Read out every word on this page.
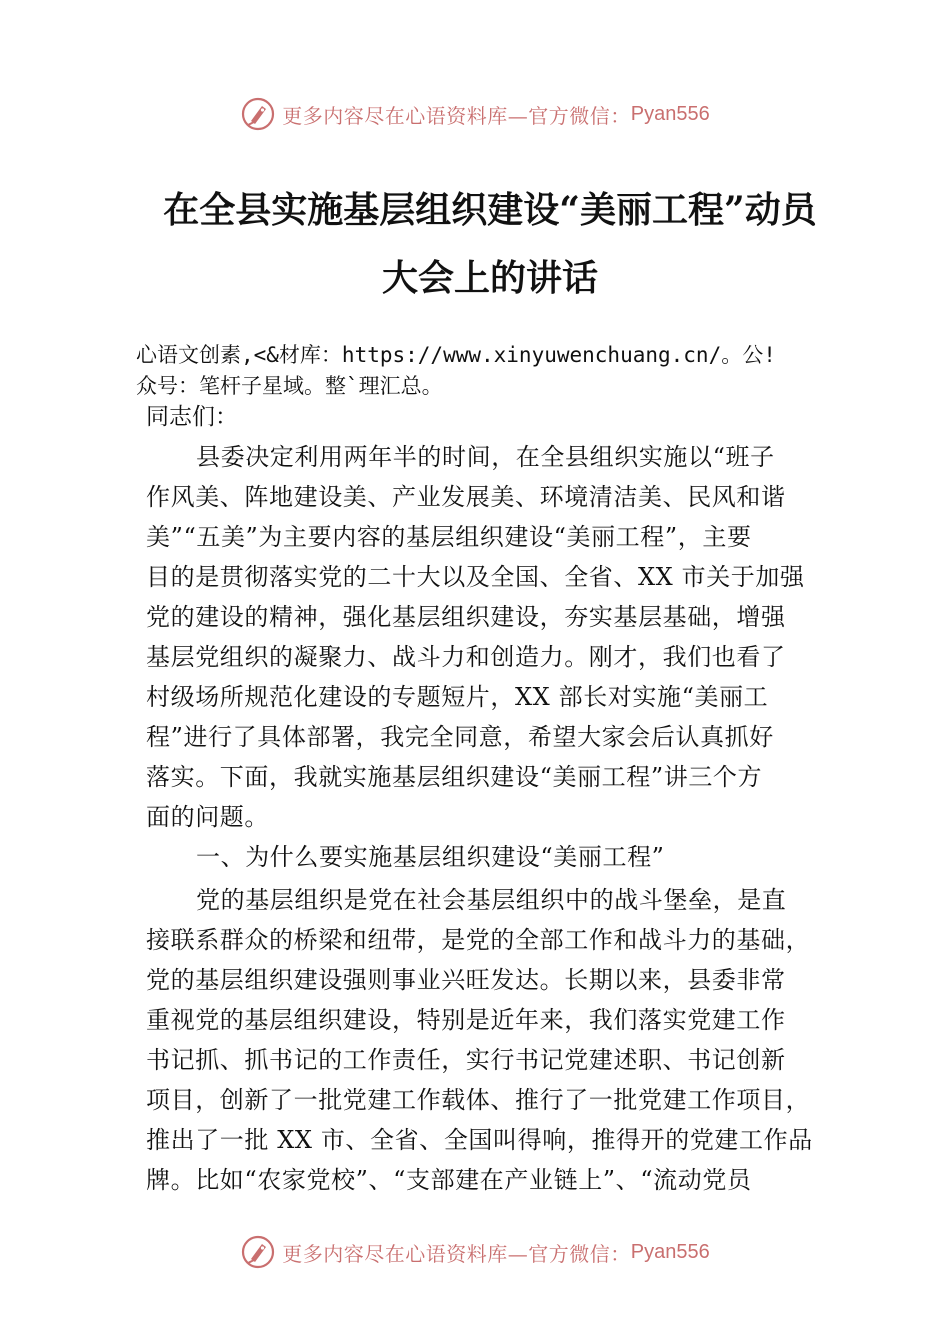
更多内容尽在心语资料库—官方微信： Pyan556
在全县实施基层组织建设“美丽工程”动员
大会上的讲话
心语文创素,<&材库：https://www.xinyuwenchuang.cn/。公!
众号：笔杆子星域。整`理汇总。

同志们：

县委决定利用两年半的时间，在全县组织实施以“班子

作风美、阵地建设美、产业发展美、环境清洁美、民风和谐

美”“五美”为主要内容的基层组织建设“美丽工程”，主要

目的是贯彻落实党的二十大以及全国、全省、XX 市关于加强

党的建设的精神，强化基层组织建设，夯实基层基础，增强

基层党组织的凝聚力、战斗力和创造力。刚才，我们也看了

村级场所规范化建设的专题短片，XX 部长对实施“美丽工

程”进行了具体部署，我完全同意，希望大家会后认真抓好

落实。下面，我就实施基层组织建设“美丽工程”讲三个方

面的问题。

一、为什么要实施基层组织建设“美丽工程”

党的基层组织是党在社会基层组织中的战斗堡垒，是直

接联系群众的桥梁和纽带，是党的全部工作和战斗力的基础，

党的基层组织建设强则事业兴旺发达。长期以来，县委非常

重视党的基层组织建设，特别是近年来，我们落实党建工作

书记抓、抓书记的工作责任，实行书记党建述职、书记创新

项目，创新了一批党建工作载体、推行了一批党建工作项目，

推出了一批 XX 市、全省、全国叫得响，推得开的党建工作品

牌。比如“农家党校”、“支部建在产业链上”、“流动党员

更多内容尽在心语资料库—官方微信： Pyan556
